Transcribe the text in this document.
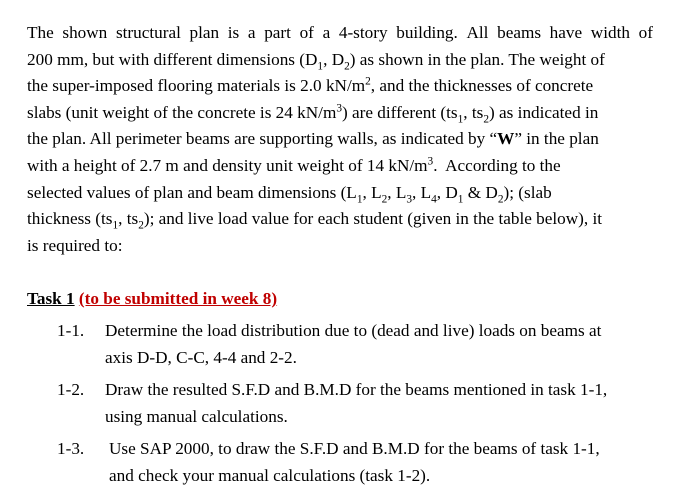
The shown structural plan is a part of a 4-story building. All beams have width of
200 mm, but with different dimensions ($D_1$, $D_2$) as shown in the plan. The weight of
the super-imposed flooring materials is 2.0 $kN/m^2$, and the thicknesses of concrete
slabs (unit weight of the concrete is 24 $kN/m^3$) are different ($ts_1$, $ts_2$) as indicated in
the plan. All perimeter beams are supporting walls, as indicated by “W” in the plan
with a height of 2.7 m and density unit weight of 14 $kN/m^3$.  According to the
selected values of plan and beam dimensions ($L_1$, $L_2$, $L_3$, $L_4$, $D_1$ & $D_2$); (slab
thickness ($ts_1$, $ts_2$); and live load value for each student (given in the table below), it
is required to:
Task 1 (to be submitted in week 8)
1-1. Determine the load distribution due to (dead and live) loads on beams at
axis D-D, C-C, 4-4 and 2-2.
1-2. Draw the resulted S.F.D and B.M.D for the beams mentioned in task 1-1,
using manual calculations.
1-3. Use SAP 2000, to draw the S.F.D and B.M.D for the beams of task 1-1,
and check your manual calculations (task 1-2).
